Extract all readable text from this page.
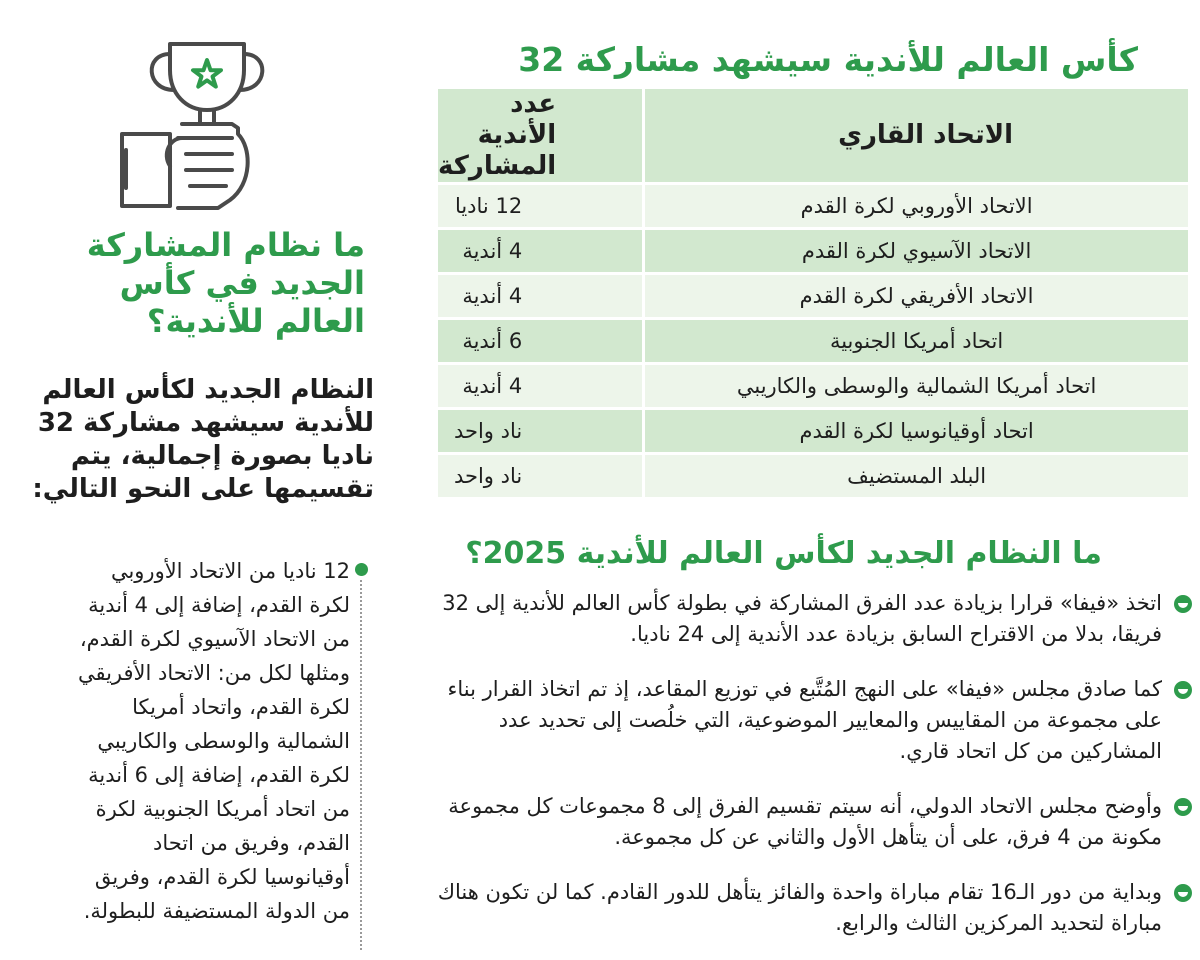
كأس العالم للأندية سيشهد مشاركة 32
الاتحاد القاري	عدد الأندية المشاركة
الاتحاد الأوروبي لكرة القدم	12 ناديا
الاتحاد الآسيوي لكرة القدم	4 أندية
الاتحاد الأفريقي لكرة القدم	4 أندية
اتحاد أمريكا الجنوبية	6 أندية
اتحاد أمريكا الشمالية والوسطى والكاريبي	4 أندية
اتحاد أوقيانوسيا لكرة القدم	ناد واحد
البلد المستضيف	ناد واحد
ما النظام الجديد لكأس العالم للأندية 2025؟
اتخذ «فيفا» قرارا بزيادة عدد الفرق المشاركة في بطولة كأس العالم للأندية إلى 32 فريقا، بدلا من الاقتراح السابق بزيادة عدد الأندية إلى 24 ناديا.
كما صادق مجلس «فيفا» على النهج المُتَّبع في توزيع المقاعد، إذ تم اتخاذ القرار بناء على مجموعة من المقاييس والمعايير الموضوعية، التي خلُصت إلى تحديد عدد المشاركين من كل اتحاد قاري.
وأوضح مجلس الاتحاد الدولي، أنه سيتم تقسيم الفرق إلى 8 مجموعات كل مجموعة مكونة من 4 فرق، على أن يتأهل الأول والثاني عن كل مجموعة.
وبداية من دور الـ16 تقام مباراة واحدة والفائز يتأهل للدور القادم. كما لن تكون هناك مباراة لتحديد المركزين الثالث والرابع.
ما نظام المشاركة الجديد في كأس العالم للأندية؟

النظام الجديد لكأس العالم للأندية سيشهد مشاركة 32 ناديا بصورة إجمالية، يتم تقسيمها على النحو التالي:

12 ناديا من الاتحاد الأوروبي لكرة القدم، إضافة إلى 4 أندية من الاتحاد الآسيوي لكرة القدم، ومثلها لكل من: الاتحاد الأفريقي لكرة القدم، واتحاد أمريكا الشمالية والوسطى والكاريبي لكرة القدم، إضافة إلى 6 أندية من اتحاد أمريكا الجنوبية لكرة القدم، وفريق من اتحاد أوقيانوسيا لكرة القدم، وفريق من الدولة المستضيفة للبطولة.
